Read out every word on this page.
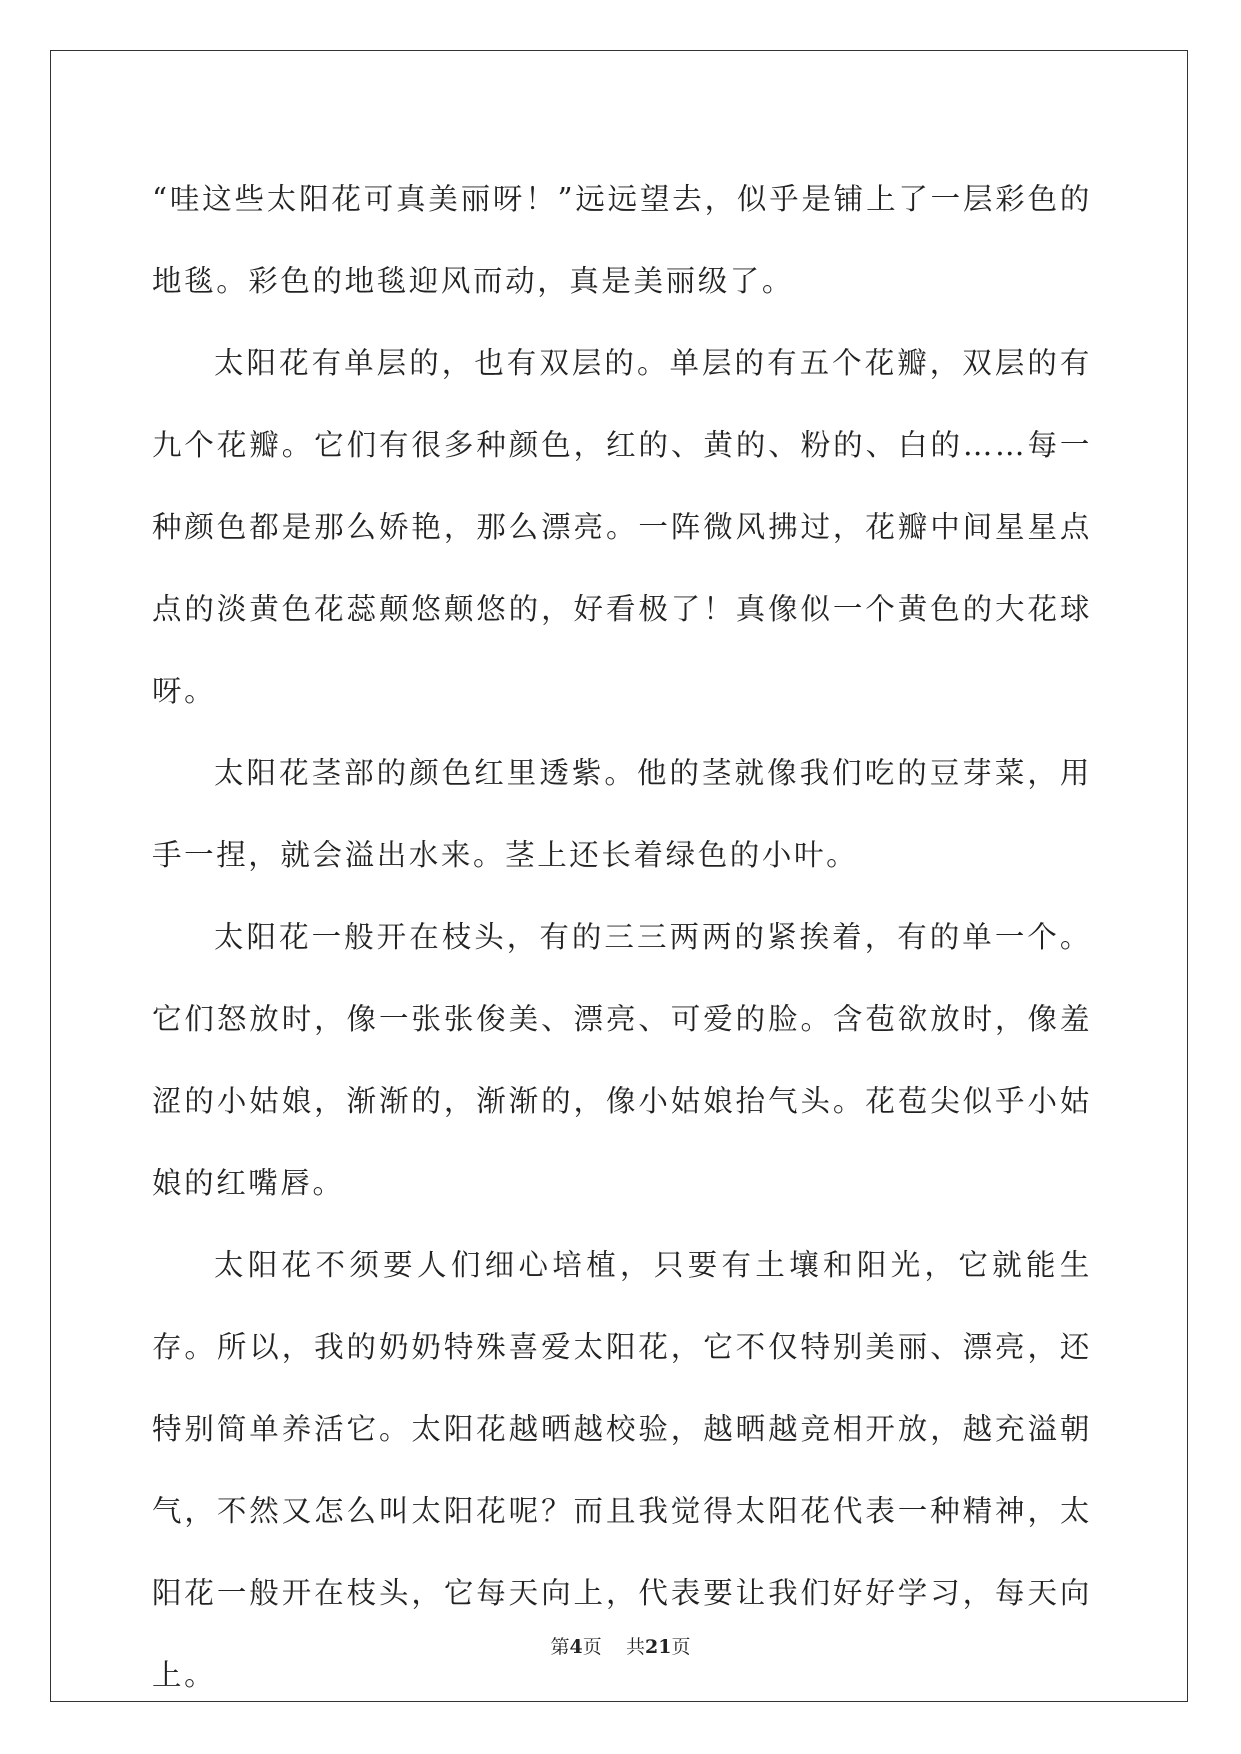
“哇这些太阳花可真美丽呀！”远远望去，似乎是铺上了一层彩色的地毯。彩色的地毯迎风而动，真是美丽级了。

太阳花有单层的，也有双层的。单层的有五个花瓣，双层的有九个花瓣。它们有很多种颜色，红的、黄的、粉的、白的……每一种颜色都是那么娇艳，那么漂亮。一阵微风拂过，花瓣中间星星点点的淡黄色花蕊颠悠颠悠的，好看极了！真像似一个黄色的大花球呀。

太阳花茎部的颜色红里透紫。他的茎就像我们吃的豆芽菜，用手一捏，就会溢出水来。茎上还长着绿色的小叶。

太阳花一般开在枝头，有的三三两两的紧挨着，有的单一个。它们怒放时，像一张张俊美、漂亮、可爱的脸。含苞欲放时，像羞涩的小姑娘，渐渐的，渐渐的，像小姑娘抬气头。花苞尖似乎小姑娘的红嘴唇。

太阳花不须要人们细心培植，只要有土壤和阳光，它就能生存。所以，我的奶奶特殊喜爱太阳花，它不仅特别美丽、漂亮，还特别简单养活它。太阳花越晒越校验，越晒越竞相开放，越充溢朝气，不然又怎么叫太阳花呢？而且我觉得太阳花代表一种精神，太阳花一般开在枝头，它每天向上，代表要让我们好好学习，每天向上。

第4页 共21页
